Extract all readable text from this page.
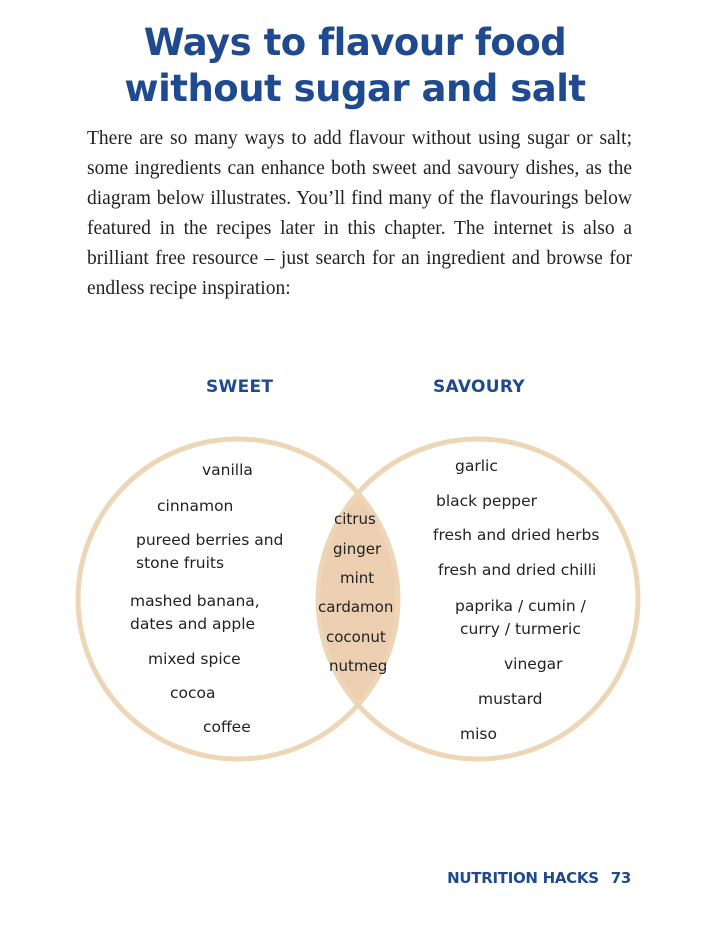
Ways to flavour food
without sugar and salt

There are so many ways to add flavour without using sugar or salt; some ingredients can enhance both sweet and savoury dishes, as the diagram below illustrates. You’ll find many of the flavourings below featured in the recipes later in this chapter. The internet is also a brilliant free resource – just search for an ingredient and browse for endless recipe inspiration:

SWEET	SAVOURY
vanilla
cinnamon
pureed berries and
stone fruits
mashed banana,
dates and apple
mixed spice
cocoa
coffee
citrus
ginger
mint
cardamon
coconut
nutmeg
garlic
black pepper
fresh and dried herbs
fresh and dried chilli
paprika / cumin /
curry / turmeric
vinegar
mustard
miso
NUTRITION HACKS 73
